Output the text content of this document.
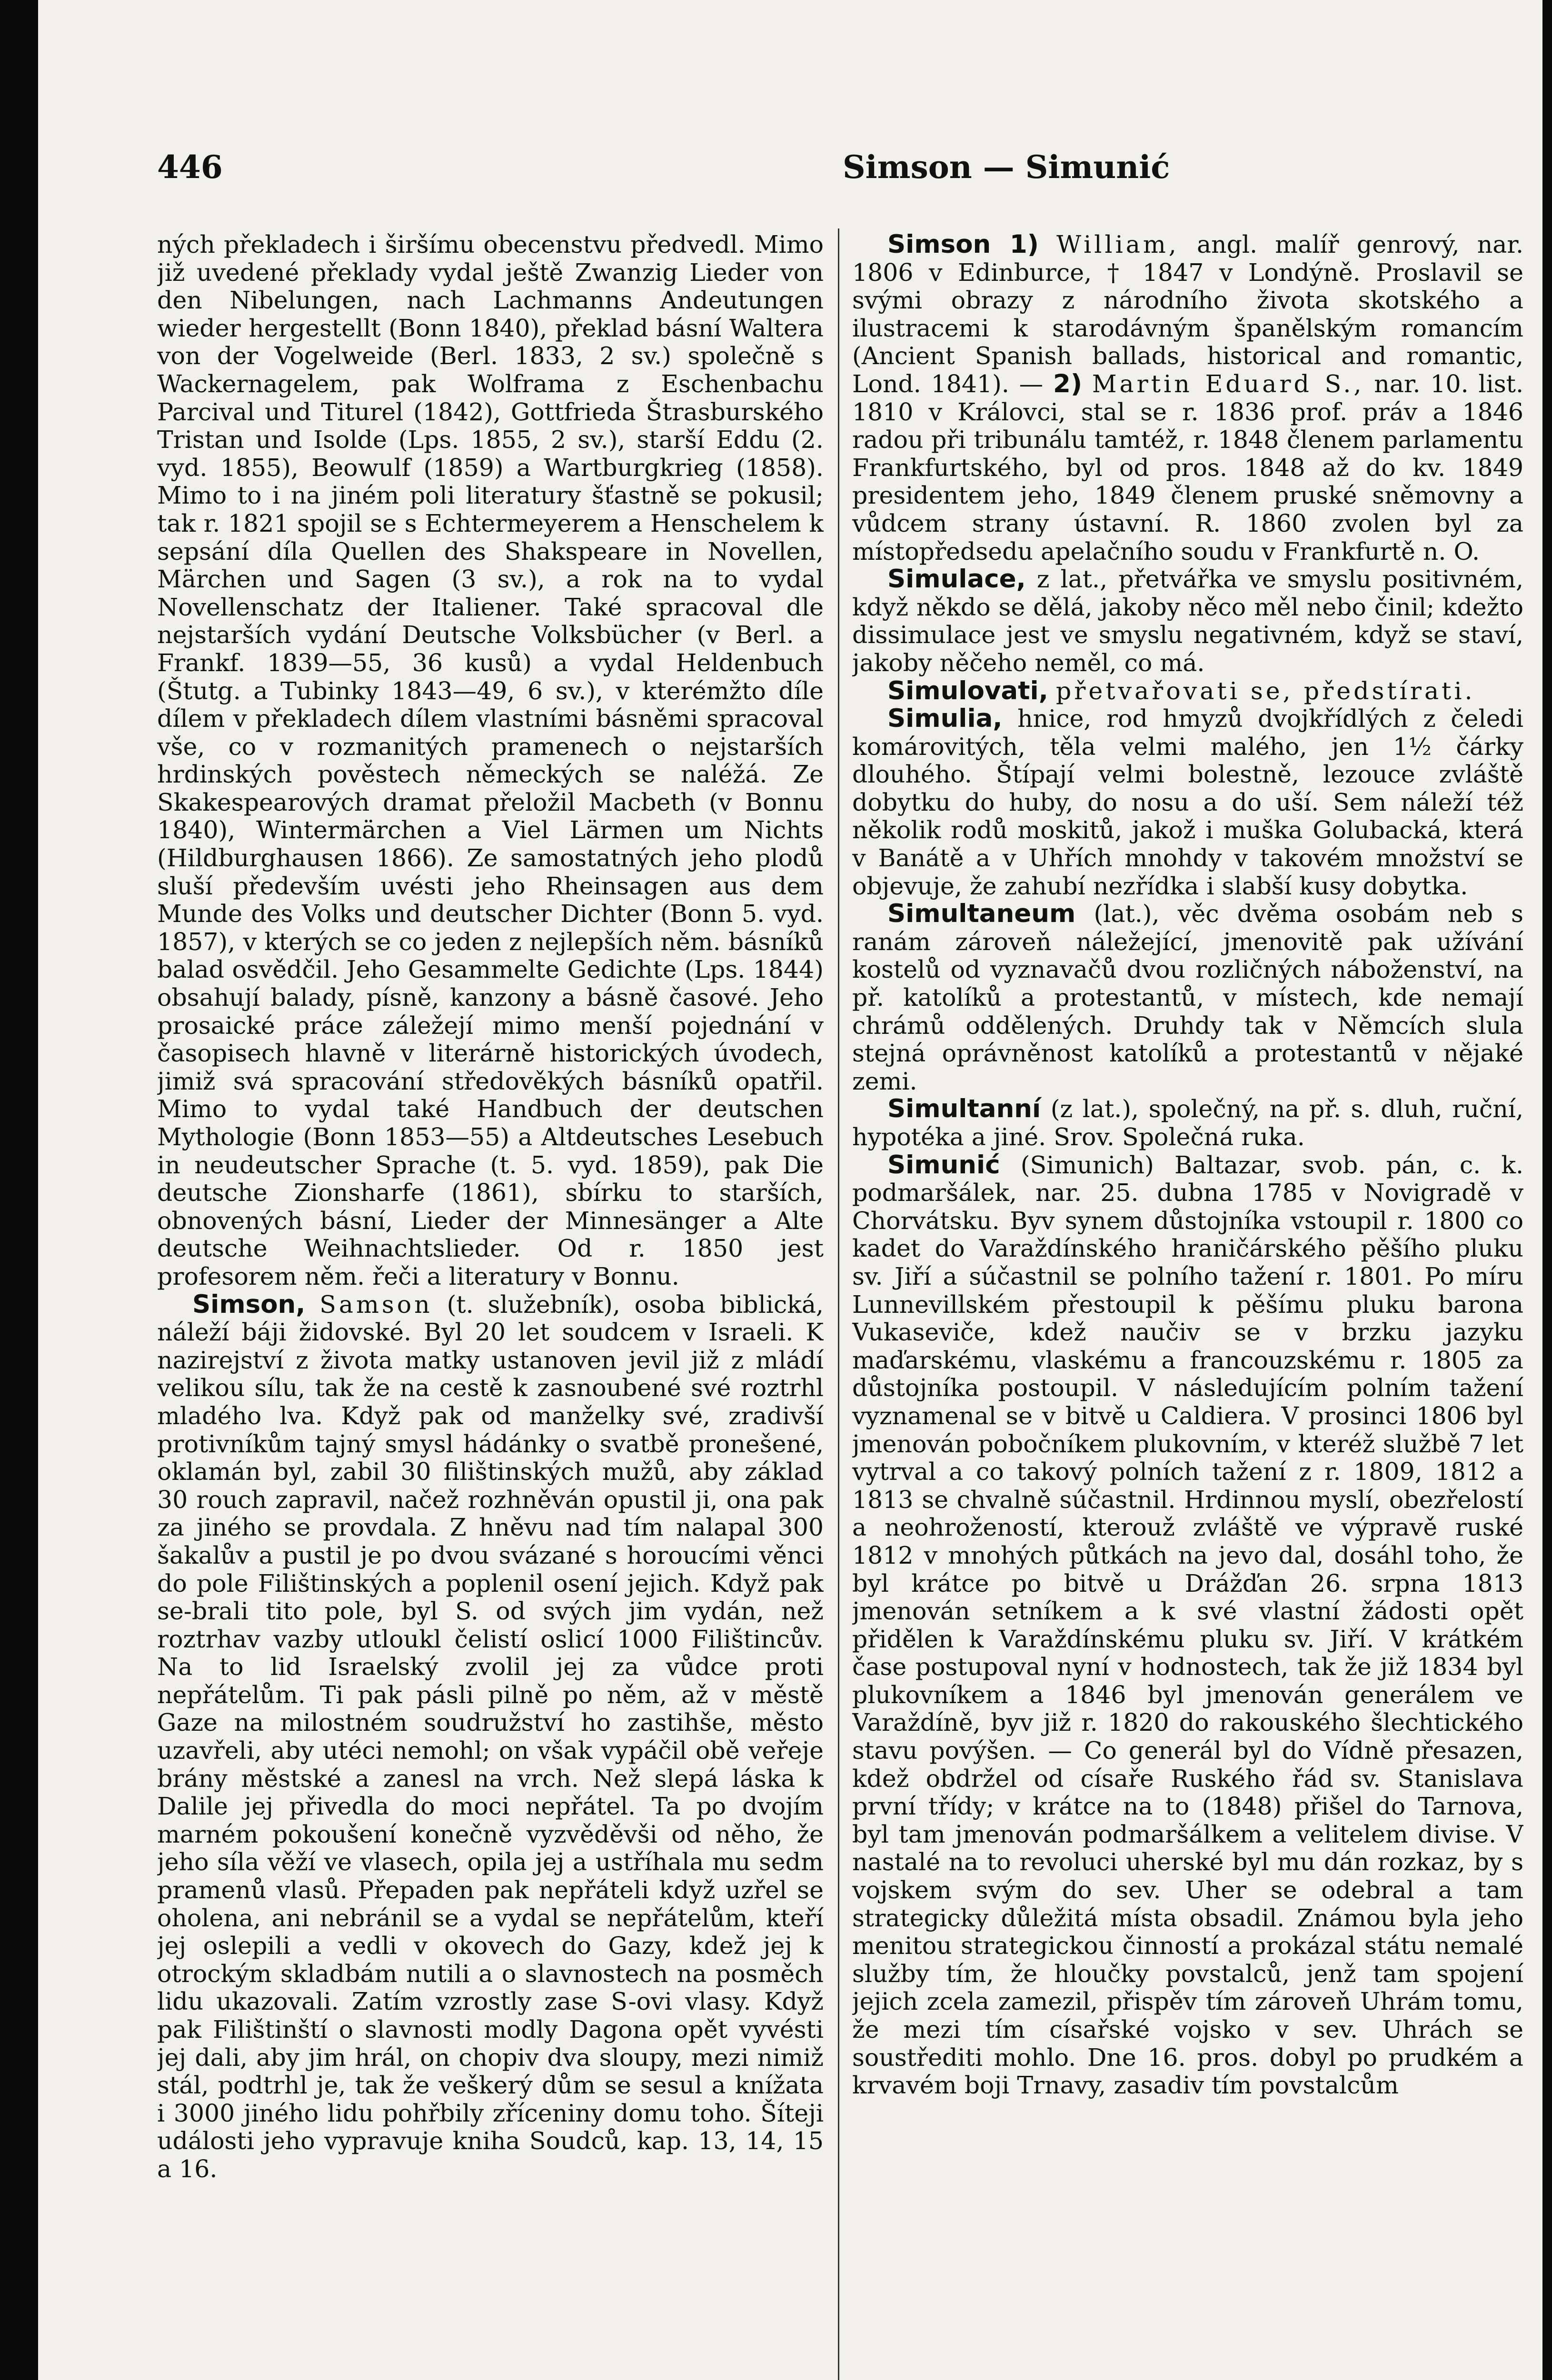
446	Simson — Simunić

ných překladech i širšímu obecenstvu předvedl. Mimo již uvedené překlady vydal ještě Zwanzig Lieder von den Nibelungen, nach Lachmanns Andeutungen wieder hergestellt (Bonn 1840), překlad básní Waltera von der Vogelweide (Berl. 1833, 2 sv.) společně s Wackernagelem, pak Wolframa z Eschenbachu Parcival und Titurel (1842), Gottfrieda Štrasburského Tristan und Isolde (Lps. 1855, 2 sv.), starší Eddu (2. vyd. 1855), Beowulf (1859) a Wartburgkrieg (1858). Mimo to i na jiném poli literatury šťastně se pokusil; tak r. 1821 spojil se s Echtermeyerem a Henschelem k sepsání díla Quellen des Shakspeare in Novellen, Märchen und Sagen (3 sv.), a rok na to vydal Novellenschatz der Italiener. Také spracoval dle nejstarších vydání Deutsche Volksbücher (v Berl. a Frankf. 1839—55, 36 kusů) a vydal Heldenbuch (Štutg. a Tubinky 1843—49, 6 sv.), v kterémžto díle dílem v překladech dílem vlastními básněmi spracoval vše, co v rozmanitých pramenech o nejstarších hrdinských pověstech německých se naléžá. Ze Skakespearových dramat přeložil Macbeth (v Bonnu 1840), Wintermärchen a Viel Lärmen um Nichts (Hildburghausen 1866). Ze samostatných jeho plodů sluší především uvésti jeho Rheinsagen aus dem Munde des Volks und deutscher Dichter (Bonn 5. vyd. 1857), v kterých se co jeden z nejlepších něm. básníků balad osvědčil. Jeho Gesammelte Gedichte (Lps. 1844) obsahují balady, písně, kanzony a básně časové. Jeho prosaické práce záležejí mimo menší pojednání v časopisech hlavně v literárně historických úvodech, jimiž svá spracování středověkých básníků opatřil. Mimo to vydal také Handbuch der deutschen Mythologie (Bonn 1853—55) a Altdeutsches Lesebuch in neudeutscher Sprache (t. 5. vyd. 1859), pak Die deutsche Zionsharfe (1861), sbírku to starších, obnovených básní, Lieder der Minnesänger a Alte deutsche Weihnachtslieder. Od r. 1850 jest profesorem něm. řeči a literatury v Bonnu.

Simson, Samson (t. služebník), osoba biblická, náleží báji židovské. Byl 20 let soudcem v Israeli. K nazirejství z života matky ustanoven jevil již z mládí velikou sílu, tak že na cestě k zasnoubené své roztrhl mladého lva. Když pak od manželky své, zradivší protivníkům tajný smysl hádánky o svatbě pronešené, oklamán byl, zabil 30 filištinských mužů, aby základ 30 rouch zapravil, načež rozhněván opustil ji, ona pak za jiného se provdala. Z hněvu nad tím nalapal 300 šakalův a pustil je po dvou svázané s horoucími věnci do pole Filištinských a poplenil osení jejich. Když pak se-brali tito pole, byl S. od svých jim vydán, než roztrhav vazby utloukl čelistí oslicí 1000 Filištincův. Na to lid Israelský zvolil jej za vůdce proti nepřátelům. Ti pak pásli pilně po něm, až v městě Gaze na milostném soudružství ho zastihše, město uzavřeli, aby utéci nemohl; on však vypáčil obě veřeje brány městské a zanesl na vrch. Než slepá láska k Dalile jej přivedla do moci nepřátel. Ta po dvojím marném pokoušení konečně vyzvěděvši od něho, že jeho síla věží ve vlasech, opila jej a ustříhala mu sedm pramenů vlasů. Přepaden pak nepřáteli když uzřel se oholena, ani nebránil se a vydal se nepřátelům, kteří jej oslepili a vedli v okovech do Gazy, kdež jej k otrockým skladbám nutili a o slavnostech na posměch lidu ukazovali. Zatím vzrostly zase S-ovi vlasy. Když pak Filištinští o slavnosti modly Dagona opět vyvésti jej dali, aby jim hrál, on chopiv dva sloupy, mezi nimiž stál, podtrhl je, tak že veškerý dům se sesul a knížata i 3000 jiného lidu pohřbily zříceniny domu toho. Šíteji události jeho vypravuje kniha Soudců, kap. 13, 14, 15 a 16.

Simson 1) William, angl. malíř genrový, nar. 1806 v Edinburce, † 1847 v Londýně. Proslavil se svými obrazy z národního života skotského a ilustracemi k starodávným španělským romancím (Ancient Spanish ballads, historical and romantic, Lond. 1841). — 2) Martin Eduard S., nar. 10. list. 1810 v Královci, stal se r. 1836 prof. práv a 1846 radou při tribunálu tamtéž, r. 1848 členem parlamentu Frankfurtského, byl od pros. 1848 až do kv. 1849 presidentem jeho, 1849 členem pruské sněmovny a vůdcem strany ústavní. R. 1860 zvolen byl za místopředsedu apelačního soudu v Frankfurtě n. O.

Simulace, z lat., přetvářka ve smyslu positivném, když někdo se dělá, jakoby něco měl nebo činil; kdežto dissimulace jest ve smyslu negativném, když se staví, jakoby něčeho neměl, co má.

Simulovati, přetvařovati se, předstírati.

Simulia, hnice, rod hmyzů dvojkřídlých z čeledi komárovitých, těla velmi malého, jen 1½ čárky dlouhého. Štípají velmi bolestně, lezouce zvláště dobytku do huby, do nosu a do uší. Sem náleží též několik rodů moskitů, jakož i muška Golubacká, která v Banátě a v Uhřích mnohdy v takovém množství se objevuje, že zahubí nezřídka i slabší kusy dobytka.

Simultaneum (lat.), věc dvěma osobám neb s ranám zároveň náležející, jmenovitě pak užívání kostelů od vyznavačů dvou rozličných náboženství, na př. katolíků a protestantů, v místech, kde nemají chrámů oddělených. Druhdy tak v Němcích slula stejná oprávněnost katolíků a protestantů v nějaké zemi.

Simultanní (z lat.), společný, na př. s. dluh, ruční, hypotéka a jiné. Srov. Společná ruka.

Simunić (Simunich) Baltazar, svob. pán, c. k. podmaršálek, nar. 25. dubna 1785 v Novigradě v Chorvátsku. Byv synem důstojníka vstoupil r. 1800 co kadet do Varaždínského hraničárského pěšího pluku sv. Jiří a súčastnil se polního tažení r. 1801. Po míru Lunnevillském přestoupil k pěšímu pluku barona Vukaseviče, kdež naučiv se v brzku jazyku maďarskému, vlaskému a francouzskému r. 1805 za důstojníka postoupil. V následujícím polním tažení vyznamenal se v bitvě u Caldiera. V prosinci 1806 byl jmenován pobočníkem plukovním, v kteréž službě 7 let vytrval a co takový polních tažení z r. 1809, 1812 a 1813 se chvalně súčastnil. Hrdinnou myslí, obezřelostí a neohrožeností, kterouž zvláště ve výpravě ruské 1812 v mnohých půtkách na jevo dal, dosáhl toho, že byl krátce po bitvě u Drážďan 26. srpna 1813 jmenován setníkem a k své vlastní žádosti opět přidělen k Varaždínskému pluku sv. Jiří. V krátkém čase postupoval nyní v hodnostech, tak že již 1834 byl plukovníkem a 1846 byl jmenován generálem ve Varaždíně, byv již r. 1820 do rakouského šlechtického stavu povýšen. — Co generál byl do Vídně přesazen, kdež obdržel od císaře Ruského řád sv. Stanislava první třídy; v krátce na to (1848) přišel do Tarnova, byl tam jmenován podmaršálkem a velitelem divise. V nastalé na to revoluci uherské byl mu dán rozkaz, by s vojskem svým do sev. Uher se odebral a tam strategicky důležitá místa obsadil. Známou byla jeho menitou strategickou činností a prokázal státu nemalé služby tím, že hloučky povstalců, jenž tam spojení jejich zcela zamezil, přispěv tím zároveň Uhrám tomu, že mezi tím císařské vojsko v sev. Uhrách se soustřediti mohlo. Dne 16. pros. dobyl po prudkém a krvavém boji Trnavy, zasadiv tím povstalcům
